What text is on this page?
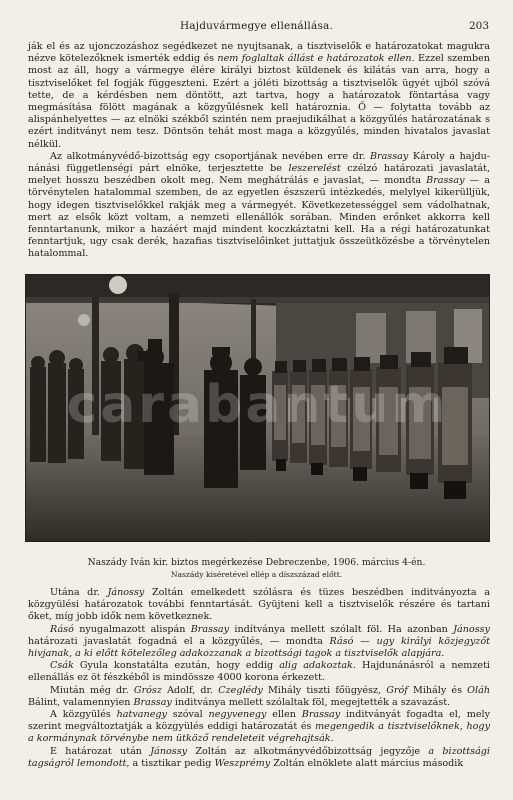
Hajduvármegye ellenállása.	203

ják el és az ujonczozáshoz segédkezet ne nyujtsanak, a tisztviselők e határozatokat magukra nézve kötelezőknek ismerték eddig és nem foglaltak állást e határozatok ellen. Ezzel szemben most az áll, hogy a vármegye élére királyi biztost küldenek és kilátás van arra, hogy a tisztviselőket fel fogják függeszteni. Ezért a jóléti bizottság a tisztviselők ügyét ujból szóvá tette, de a kérdésben nem döntött, azt tartva, hogy a határozatok föntartása vagy megmásítása fölött magának a közgyűlésnek kell határoznia. Ő — folytatta tovább az alispánhelyettes — az elnöki székből szintén nem praejudikálhat a közgyűlés határozatának s ezért inditványt nem tesz. Döntsön tehát most maga a közgyűlés, minden hivatalos javaslat nélkül.

Az alkotmányvédő-bizottság egy csoportjának nevében erre dr. Brassay Károly a hajdu-nánási függetlenségi párt elnöke, terjesztette be leszerelést czélzó határozati javaslatát, melyet hosszu beszédben okolt meg. Nem meghátrálás e javaslat, — mondta Brassay — a törvénytelen hatalommal szemben, de az egyetlen észszerü intézkedés, melylyel kikerülljük, hogy idegen tisztviselőkkel rakják meg a vármegyét. Következetességgel sem vádolhatnak, mert az elsők közt voltam, a nemzeti ellenállók sorában. Minden erőnket akkorra kell fenntartanunk, mikor a hazáért majd mindent koczkáztatni kell. Ha a régi határozatunkat fenntartjuk, ugy csak derék, hazafias tisztviselőinket juttatjuk összeütközésbe a törvénytelen hatalommal.

carabantum
Naszády Iván kir. biztos megérkezése Debreczenbe, 1906. március 4-én.
Naszády kiséretével ellép a díszszázad előtt.

Utána dr. Jánossy Zoltán emelkedett szólásra és tüzes beszédben inditványozta a közgyülési határozatok további fenntartását. Gyüjteni kell a tisztviselők részére és tartani őket, míg jobb idők nem következnek.

Rásó nyugalmazott alispán Brassay indítványa mellett szólalt föl. Ha azonban Jánossy határozati javaslatát fogadná el a közgyűlés, — mondta Rásó — ugy királyi közjegyzőt hivjanak, a ki előtt kötelezőleg adakozzanak a bizottsági tagok a tisztviselők alapjára.

Csák Gyula konstatálta ezután, hogy eddig alig adakoztak. Hajdunánásról a nemzeti ellenállás ez öt fészkéből is mindössze 4000 korona érkezett.

Miután még dr. Grósz Adolf, dr. Czeglédy Mihály tiszti főügyész, Gróf Mihály és Oláh Bálint, valamennyien Brassay inditványa mellett szólaltak föl, megejtették a szavazást.

A közgyülés hatvanegy szóval negyvenegy ellen Brassay inditványát fogadta el, mely szerint megváltoztatják a közgyülés eddigi határozatát és megengedik a tisztviselőknek, hogy a kormánynak törvénybe nem ütköző rendeleteit végrehajtsák.

E határozat után Jánossy Zoltán az alkotmányvédőbizottság jegyzője a bizottsági tagságról lemondott, a tisztikar pedig Weszprémy Zoltán elnöklete alatt március második
